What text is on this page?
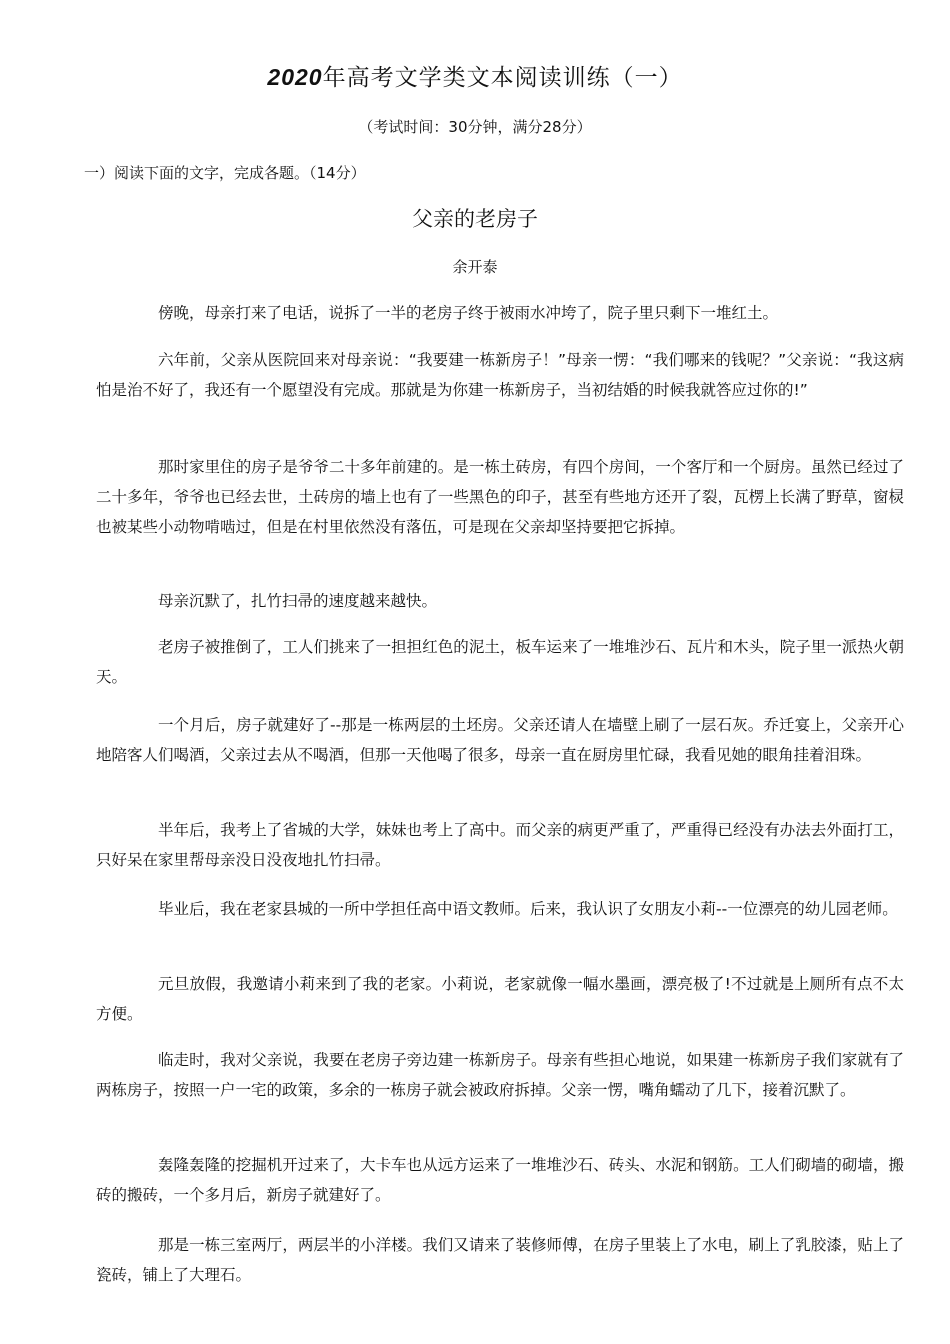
2020年高考文学类文本阅读训练（一）
（考试时间：30分钟，满分28分）
一）阅读下面的文字，完成各题。（14分）
父亲的老房子
余开泰

傍晚，母亲打来了电话，说拆了一半的老房子终于被雨水冲垮了，院子里只剩下一堆红土。

六年前，父亲从医院回来对母亲说：“我要建一栋新房子！”母亲一愣：“我们哪来的钱呢？”父亲说：“我这病怕是治不好了，我还有一个愿望没有完成。那就是为你建一栋新房子，当初结婚的时候我就答应过你的!”

那时家里住的房子是爷爷二十多年前建的。是一栋土砖房，有四个房间，一个客厅和一个厨房。虽然已经过了二十多年，爷爷也已经去世，土砖房的墙上也有了一些黑色的印子，甚至有些地方还开了裂，瓦楞上长满了野草，窗棂也被某些小动物啃啮过，但是在村里依然没有落伍，可是现在父亲却坚持要把它拆掉。

母亲沉默了，扎竹扫帚的速度越来越快。

老房子被推倒了，工人们挑来了一担担红色的泥土，板车运来了一堆堆沙石、瓦片和木头，院子里一派热火朝天。

一个月后，房子就建好了--那是一栋两层的土坯房。父亲还请人在墙壁上刷了一层石灰。乔迁宴上，父亲开心地陪客人们喝酒，父亲过去从不喝酒，但那一天他喝了很多，母亲一直在厨房里忙碌，我看见她的眼角挂着泪珠。

半年后，我考上了省城的大学，妹妹也考上了高中。而父亲的病更严重了，严重得已经没有办法去外面打工，只好呆在家里帮母亲没日没夜地扎竹扫帚。

毕业后，我在老家县城的一所中学担任高中语文教师。后来，我认识了女朋友小莉--一位漂亮的幼儿园老师。

元旦放假，我邀请小莉来到了我的老家。小莉说，老家就像一幅水墨画，漂亮极了!不过就是上厕所有点不太方便。

临走时，我对父亲说，我要在老房子旁边建一栋新房子。母亲有些担心地说，如果建一栋新房子我们家就有了两栋房子，按照一户一宅的政策，多余的一栋房子就会被政府拆掉。父亲一愣，嘴角蠕动了几下，接着沉默了。

轰隆轰隆的挖掘机开过来了，大卡车也从远方运来了一堆堆沙石、砖头、水泥和钢筋。工人们砌墙的砌墙，搬砖的搬砖，一个多月后，新房子就建好了。

那是一栋三室两厅，两层半的小洋楼。我们又请来了装修师傅，在房子里装上了水电，刷上了乳胶漆，贴上了瓷砖，铺上了大理石。
